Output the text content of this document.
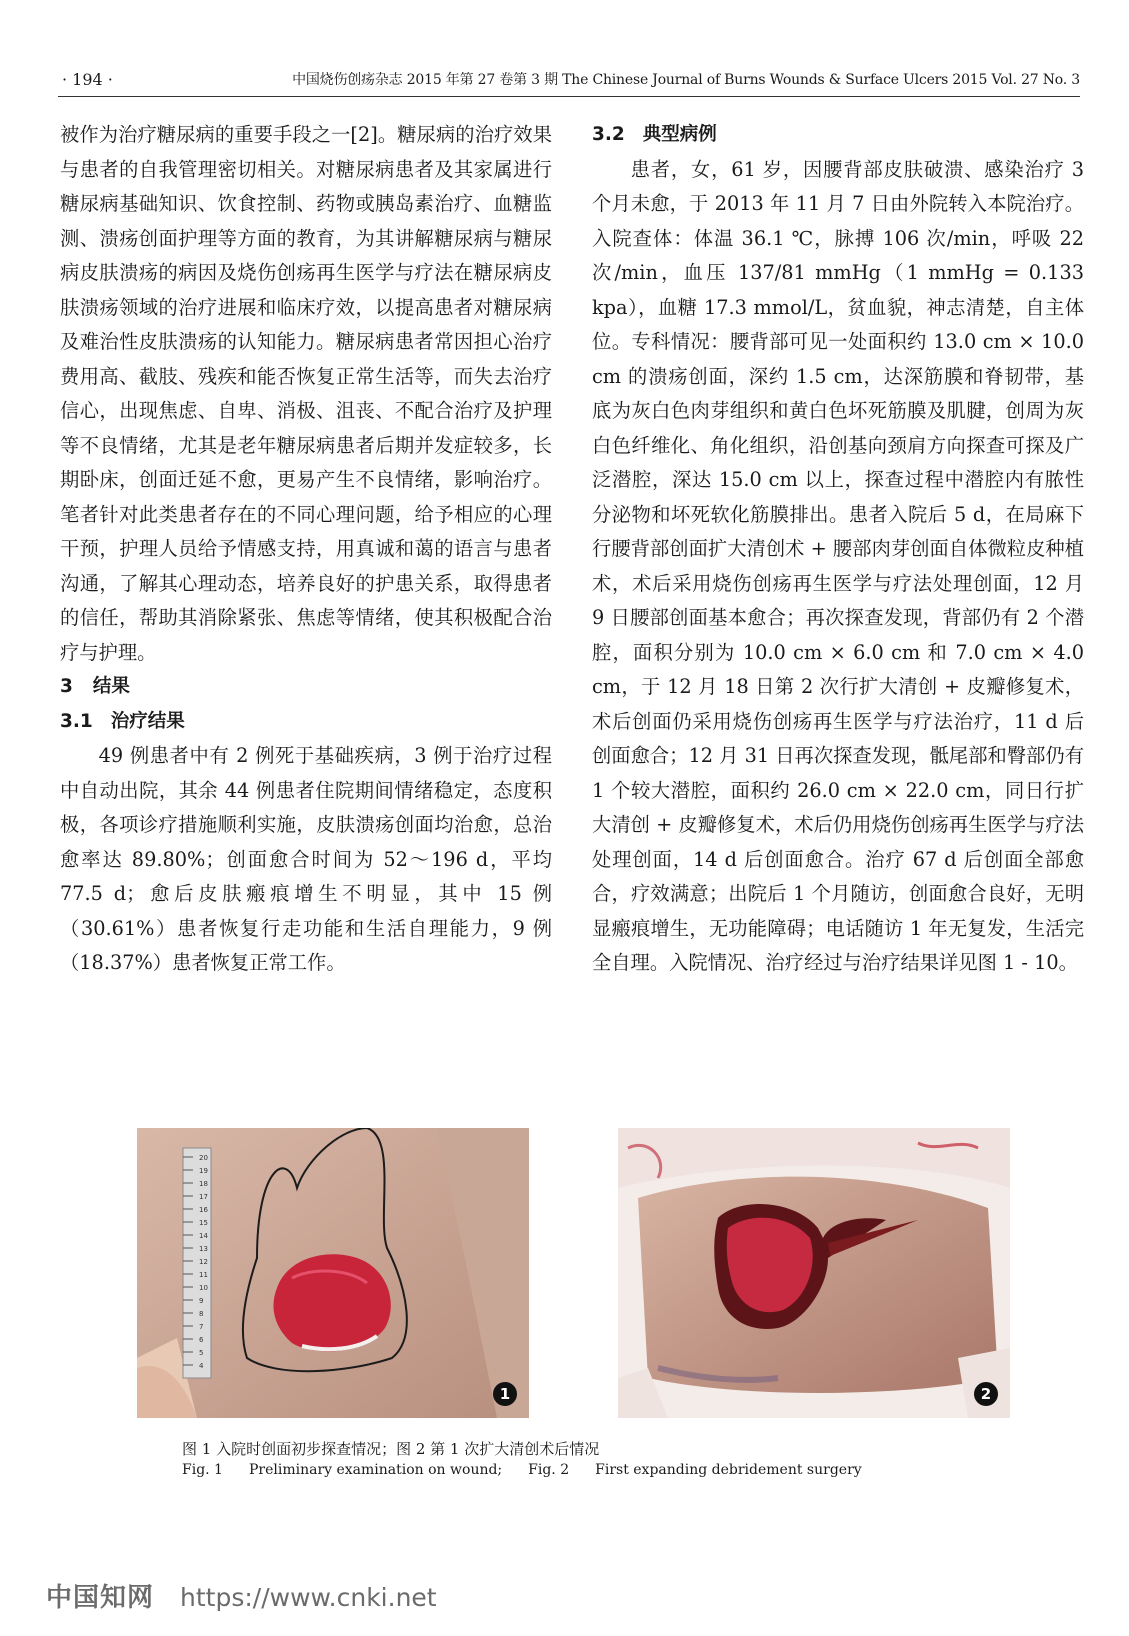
· 194 ·	中国烧伤创疡杂志 2015 年第 27 卷第 3 期 The Chinese Journal of Burns Wounds & Surface Ulcers 2015 Vol. 27 No. 3

被作为治疗糖尿病的重要手段之一[2]。糖尿病的治疗效果与患者的自我管理密切相关。对糖尿病患者及其家属进行糖尿病基础知识、饮食控制、药物或胰岛素治疗、血糖监测、溃疡创面护理等方面的教育，为其讲解糖尿病与糖尿病皮肤溃疡的病因及烧伤创疡再生医学与疗法在糖尿病皮肤溃疡领域的治疗进展和临床疗效，以提高患者对糖尿病及难治性皮肤溃疡的认知能力。糖尿病患者常因担心治疗费用高、截肢、残疾和能否恢复正常生活等，而失去治疗信心，出现焦虑、自卑、消极、沮丧、不配合治疗及护理等不良情绪，尤其是老年糖尿病患者后期并发症较多，长期卧床，创面迁延不愈，更易产生不良情绪，影响治疗。笔者针对此类患者存在的不同心理问题，给予相应的心理干预，护理人员给予情感支持，用真诚和蔼的语言与患者沟通，了解其心理动态，培养良好的护患关系，取得患者的信任，帮助其消除紧张、焦虑等情绪，使其积极配合治疗与护理。

3 结果
3.1 治疗结果

49 例患者中有 2 例死于基础疾病，3 例于治疗过程中自动出院，其余 44 例患者住院期间情绪稳定，态度积极，各项诊疗措施顺利实施，皮肤溃疡创面均治愈，总治愈率达 89.80%；创面愈合时间为 52～196 d，平均 77.5 d；愈后皮肤瘢痕增生不明显，其中 15 例（30.61%）患者恢复行走功能和生活自理能力，9 例（18.37%）患者恢复正常工作。

3.2 典型病例

患者，女，61 岁，因腰背部皮肤破溃、感染治疗 3 个月未愈，于 2013 年 11 月 7 日由外院转入本院治疗。入院查体：体温 36.1 ℃，脉搏 106 次/min，呼吸 22 次/min，血压 137/81 mmHg（1 mmHg = 0.133 kpa），血糖 17.3 mmol/L，贫血貌，神志清楚，自主体位。专科情况：腰背部可见一处面积约 13.0 cm × 10.0 cm 的溃疡创面，深约 1.5 cm，达深筋膜和脊韧带，基底为灰白色肉芽组织和黄白色坏死筋膜及肌腱，创周为灰白色纤维化、角化组织，沿创基向颈肩方向探查可探及广泛潜腔，深达 15.0 cm 以上，探查过程中潜腔内有脓性分泌物和坏死软化筋膜排出。患者入院后 5 d，在局麻下行腰背部创面扩大清创术 + 腰部肉芽创面自体微粒皮种植术，术后采用烧伤创疡再生医学与疗法处理创面，12 月 9 日腰部创面基本愈合；再次探查发现，背部仍有 2 个潜腔，面积分别为 10.0 cm × 6.0 cm 和 7.0 cm × 4.0 cm，于 12 月 18 日第 2 次行扩大清创 + 皮瓣修复术，术后创面仍采用烧伤创疡再生医学与疗法治疗，11 d 后创面愈合；12 月 31 日再次探查发现，骶尾部和臀部仍有 1 个较大潜腔，面积约 26.0 cm × 22.0 cm，同日行扩大清创 + 皮瓣修复术，术后仍用烧伤创疡再生医学与疗法处理创面，14 d 后创面愈合。治疗 67 d 后创面全部愈合，疗效满意；出院后 1 个月随访，创面愈合良好，无明显瘢痕增生，无功能障碍；电话随访 1 年无复发，生活完全自理。入院情况、治疗经过与治疗结果详见图 1 - 10。

20
19
18
17
16
15
14
13
12
11
10
9
8
7
6
5
4
1	2
图 1 入院时创面初步探查情况；图 2 第 1 次扩大清创术后情况
Fig. 1 Preliminary examination on wound; Fig. 2 First expanding debridement surgery
中国知网 https://www.cnki.net
